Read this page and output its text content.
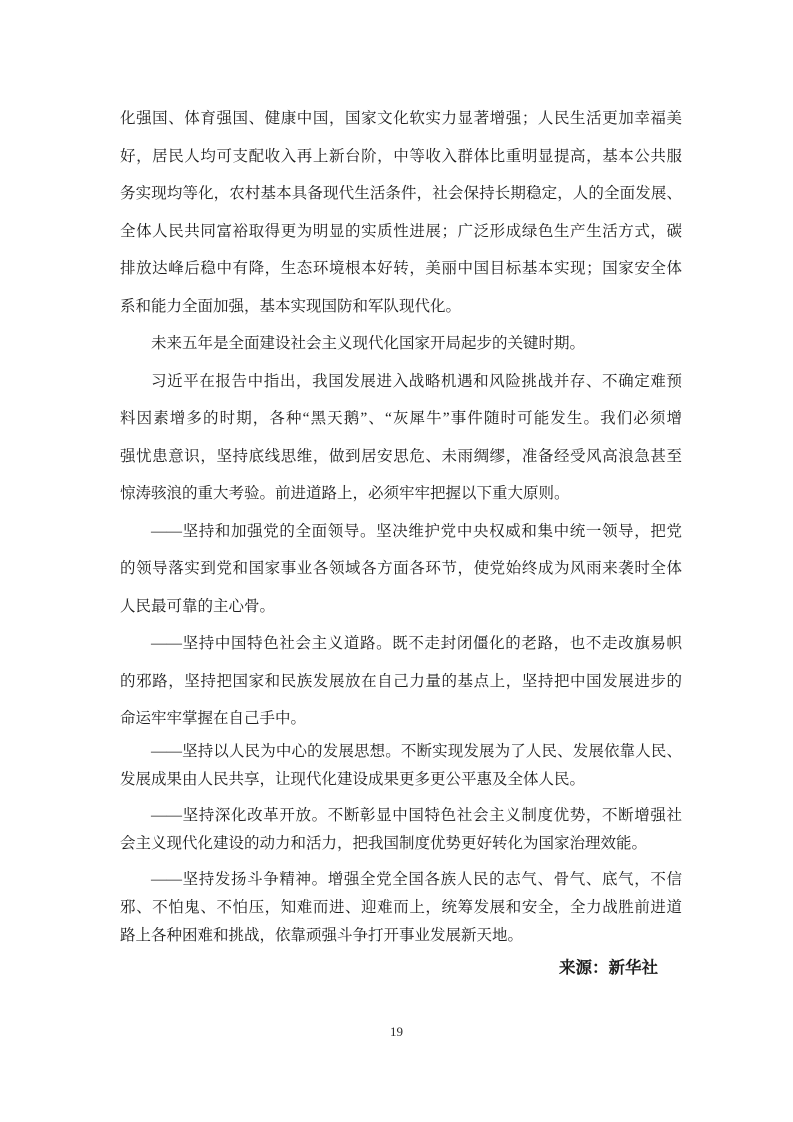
化强国、体育强国、健康中国，国家文化软实力显著增强；人民生活更加幸福美
好，居民人均可支配收入再上新台阶，中等收入群体比重明显提高，基本公共服
务实现均等化，农村基本具备现代生活条件，社会保持长期稳定，人的全面发展、
全体人民共同富裕取得更为明显的实质性进展；广泛形成绿色生产生活方式，碳
排放达峰后稳中有降，生态环境根本好转，美丽中国目标基本实现；国家安全体
系和能力全面加强，基本实现国防和军队现代化。
未来五年是全面建设社会主义现代化国家开局起步的关键时期。
习近平在报告中指出，我国发展进入战略机遇和风险挑战并存、不确定难预
料因素增多的时期，各种“黑天鹅”、“灰犀牛”事件随时可能发生。我们必须增
强忧患意识，坚持底线思维，做到居安思危、未雨绸缪，准备经受风高浪急甚至
惊涛骇浪的重大考验。前进道路上，必须牢牢把握以下重大原则。
——坚持和加强党的全面领导。坚决维护党中央权威和集中统一领导，把党
的领导落实到党和国家事业各领域各方面各环节，使党始终成为风雨来袭时全体
人民最可靠的主心骨。
——坚持中国特色社会主义道路。既不走封闭僵化的老路，也不走改旗易帜
的邪路，坚持把国家和民族发展放在自己力量的基点上，坚持把中国发展进步的
命运牢牢掌握在自己手中。
——坚持以人民为中心的发展思想。不断实现发展为了人民、发展依靠人民、
发展成果由人民共享，让现代化建设成果更多更公平惠及全体人民。
——坚持深化改革开放。不断彰显中国特色社会主义制度优势，不断增强社
会主义现代化建设的动力和活力，把我国制度优势更好转化为国家治理效能。
——坚持发扬斗争精神。增强全党全国各族人民的志气、骨气、底气，不信
邪、不怕鬼、不怕压，知难而进、迎难而上，统筹发展和安全，全力战胜前进道
路上各种困难和挑战，依靠顽强斗争打开事业发展新天地。
来源：新华社
19
